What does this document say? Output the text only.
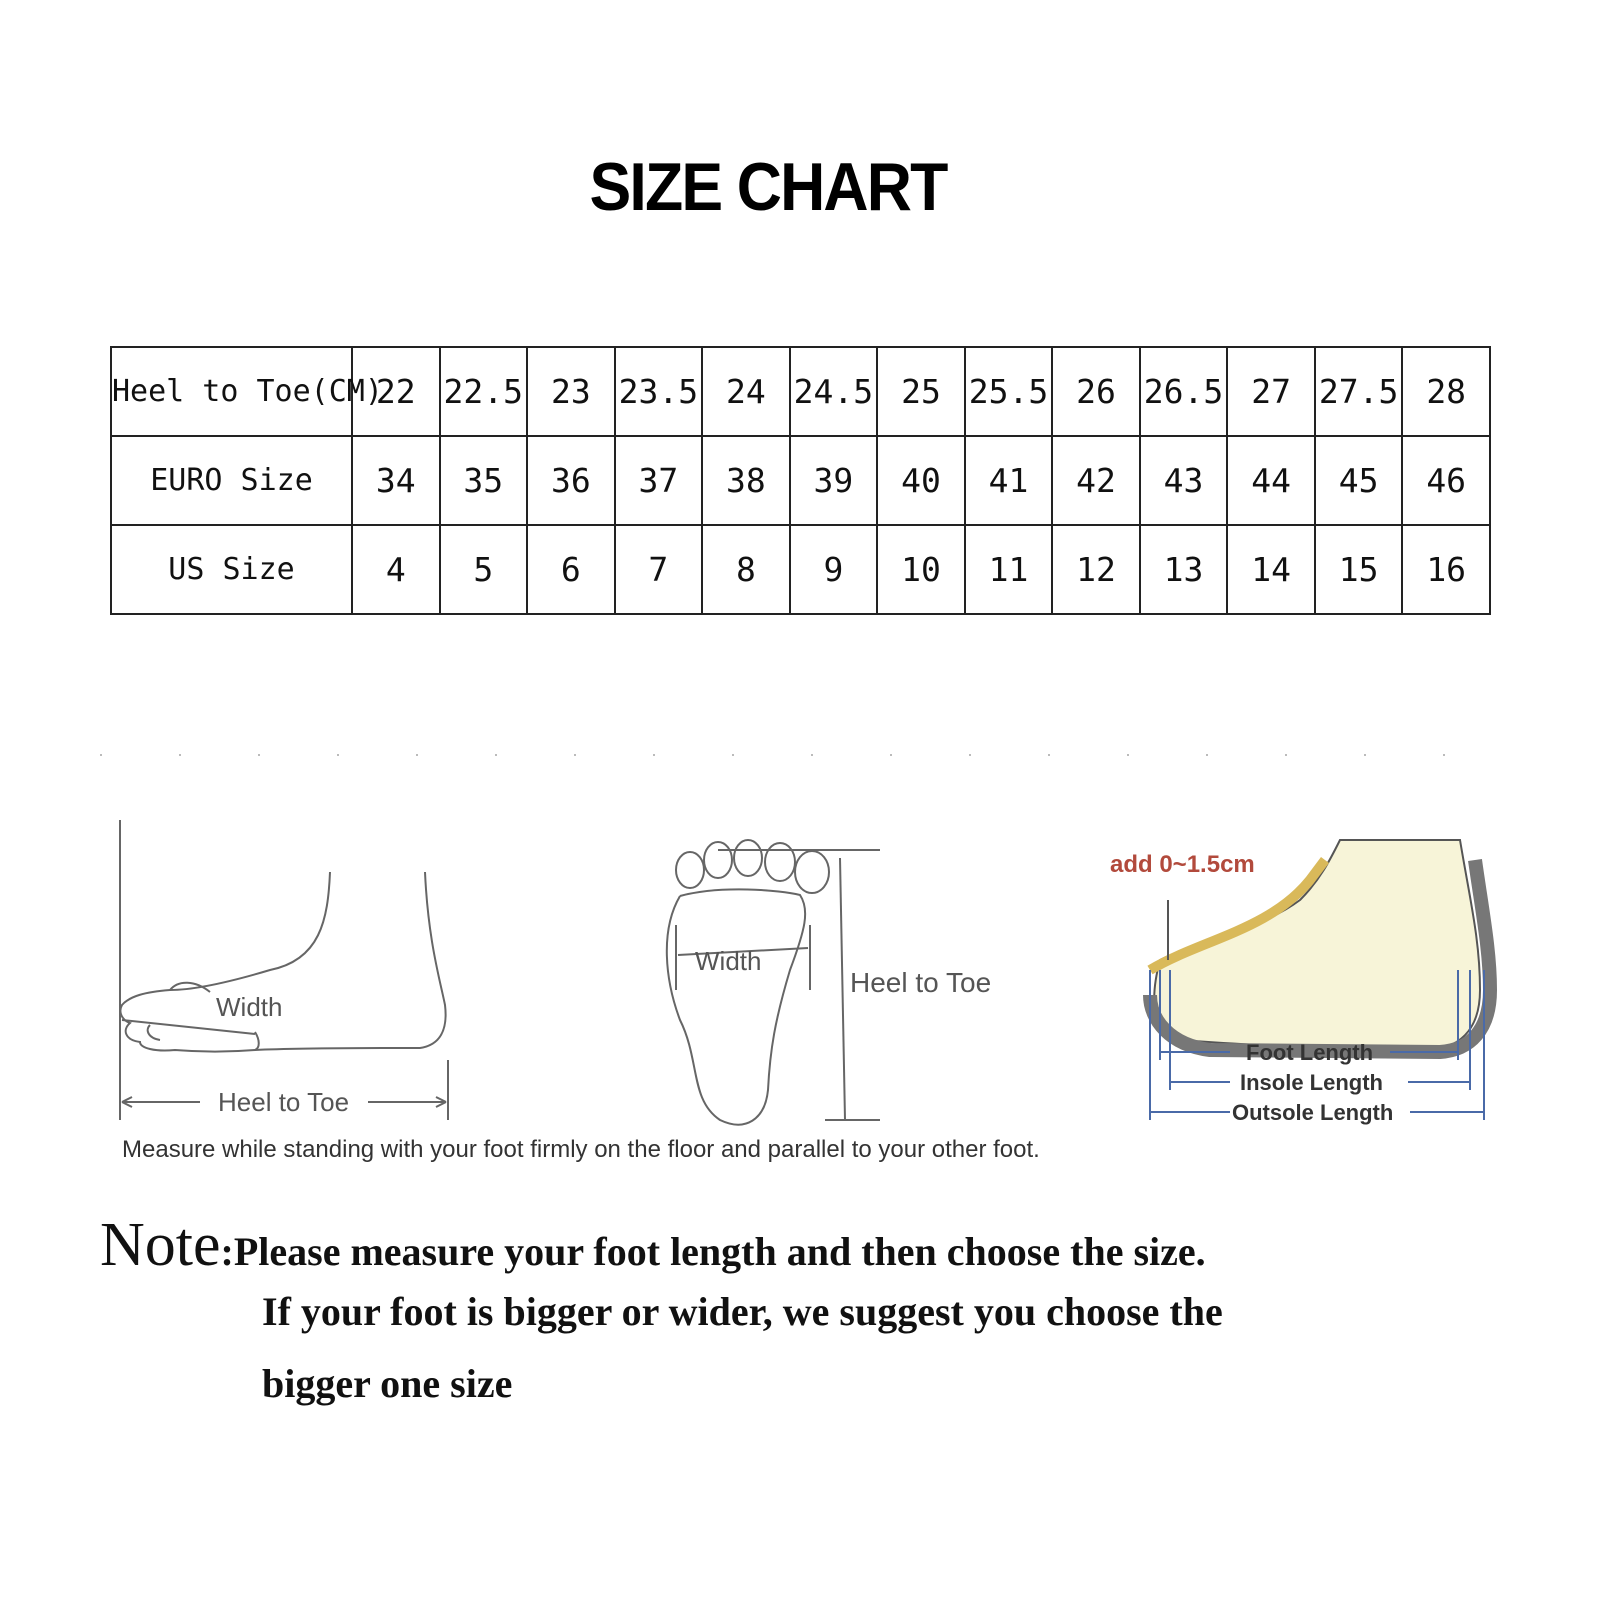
SIZE CHART
Heel to Toe(CM)	22	22.5	23	23.5	24	24.5	25	25.5	26	26.5	27	27.5	28
EURO Size	34	35	36	37	38	39	40	41	42	43	44	45	46
US Size	4	5	6	7	8	9	10	11	12	13	14	15	16
Width
Heel to Toe
Width
Heel to Toe
add 0~1.5cm
Foot Length
Insole Length
Outsole Length
Measure while standing with your foot firmly on the floor and parallel to your other foot.
Note:Please measure your foot length and then choose the size.
If your foot is bigger or wider, we suggest you choose the
bigger one size
